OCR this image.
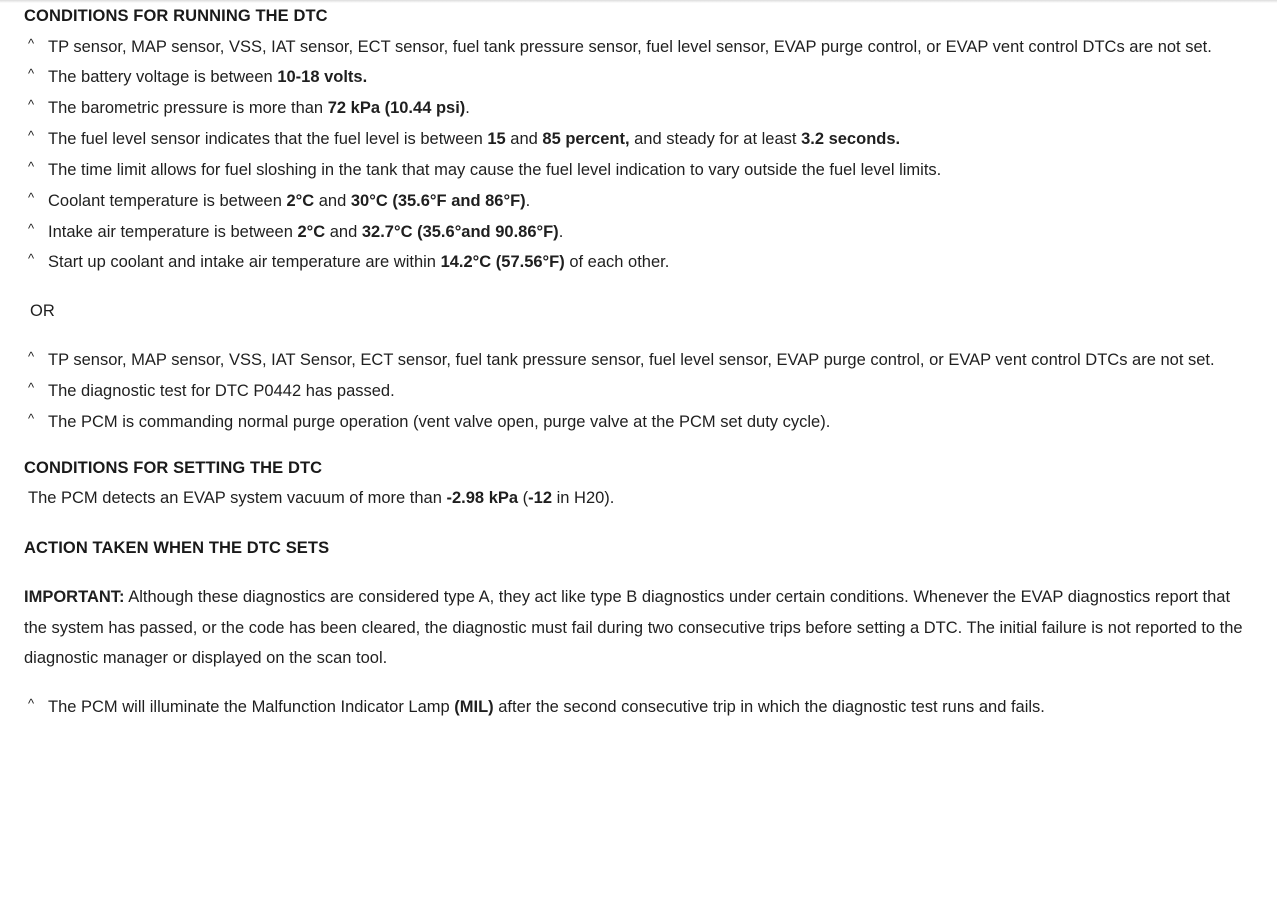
CONDITIONS FOR RUNNING THE DTC
^ TP sensor, MAP sensor, VSS, IAT sensor, ECT sensor, fuel tank pressure sensor, fuel level sensor, EVAP purge control, or EVAP vent control DTCs are not set.
^ The battery voltage is between 10-18 volts.
^ The barometric pressure is more than 72 kPa (10.44 psi).
^ The fuel level sensor indicates that the fuel level is between 15 and 85 percent, and steady for at least 3.2 seconds.
^ The time limit allows for fuel sloshing in the tank that may cause the fuel level indication to vary outside the fuel level limits.
^ Coolant temperature is between 2°C and 30°C (35.6°F and 86°F).
^ Intake air temperature is between 2°C and 32.7°C (35.6°and 90.86°F).
^ Start up coolant and intake air temperature are within 14.2°C (57.56°F) of each other.
OR
^ TP sensor, MAP sensor, VSS, IAT Sensor, ECT sensor, fuel tank pressure sensor, fuel level sensor, EVAP purge control, or EVAP vent control DTCs are not set.
^ The diagnostic test for DTC P0442 has passed.
^ The PCM is commanding normal purge operation (vent valve open, purge valve at the PCM set duty cycle).
CONDITIONS FOR SETTING THE DTC
The PCM detects an EVAP system vacuum of more than -2.98 kPa (-12 in H20).
ACTION TAKEN WHEN THE DTC SETS
IMPORTANT: Although these diagnostics are considered type A, they act like type B diagnostics under certain conditions. Whenever the EVAP diagnostics report that the system has passed, or the code has been cleared, the diagnostic must fail during two consecutive trips before setting a DTC. The initial failure is not reported to the diagnostic manager or displayed on the scan tool.
^ The PCM will illuminate the Malfunction Indicator Lamp (MIL) after the second consecutive trip in which the diagnostic test runs and fails.
